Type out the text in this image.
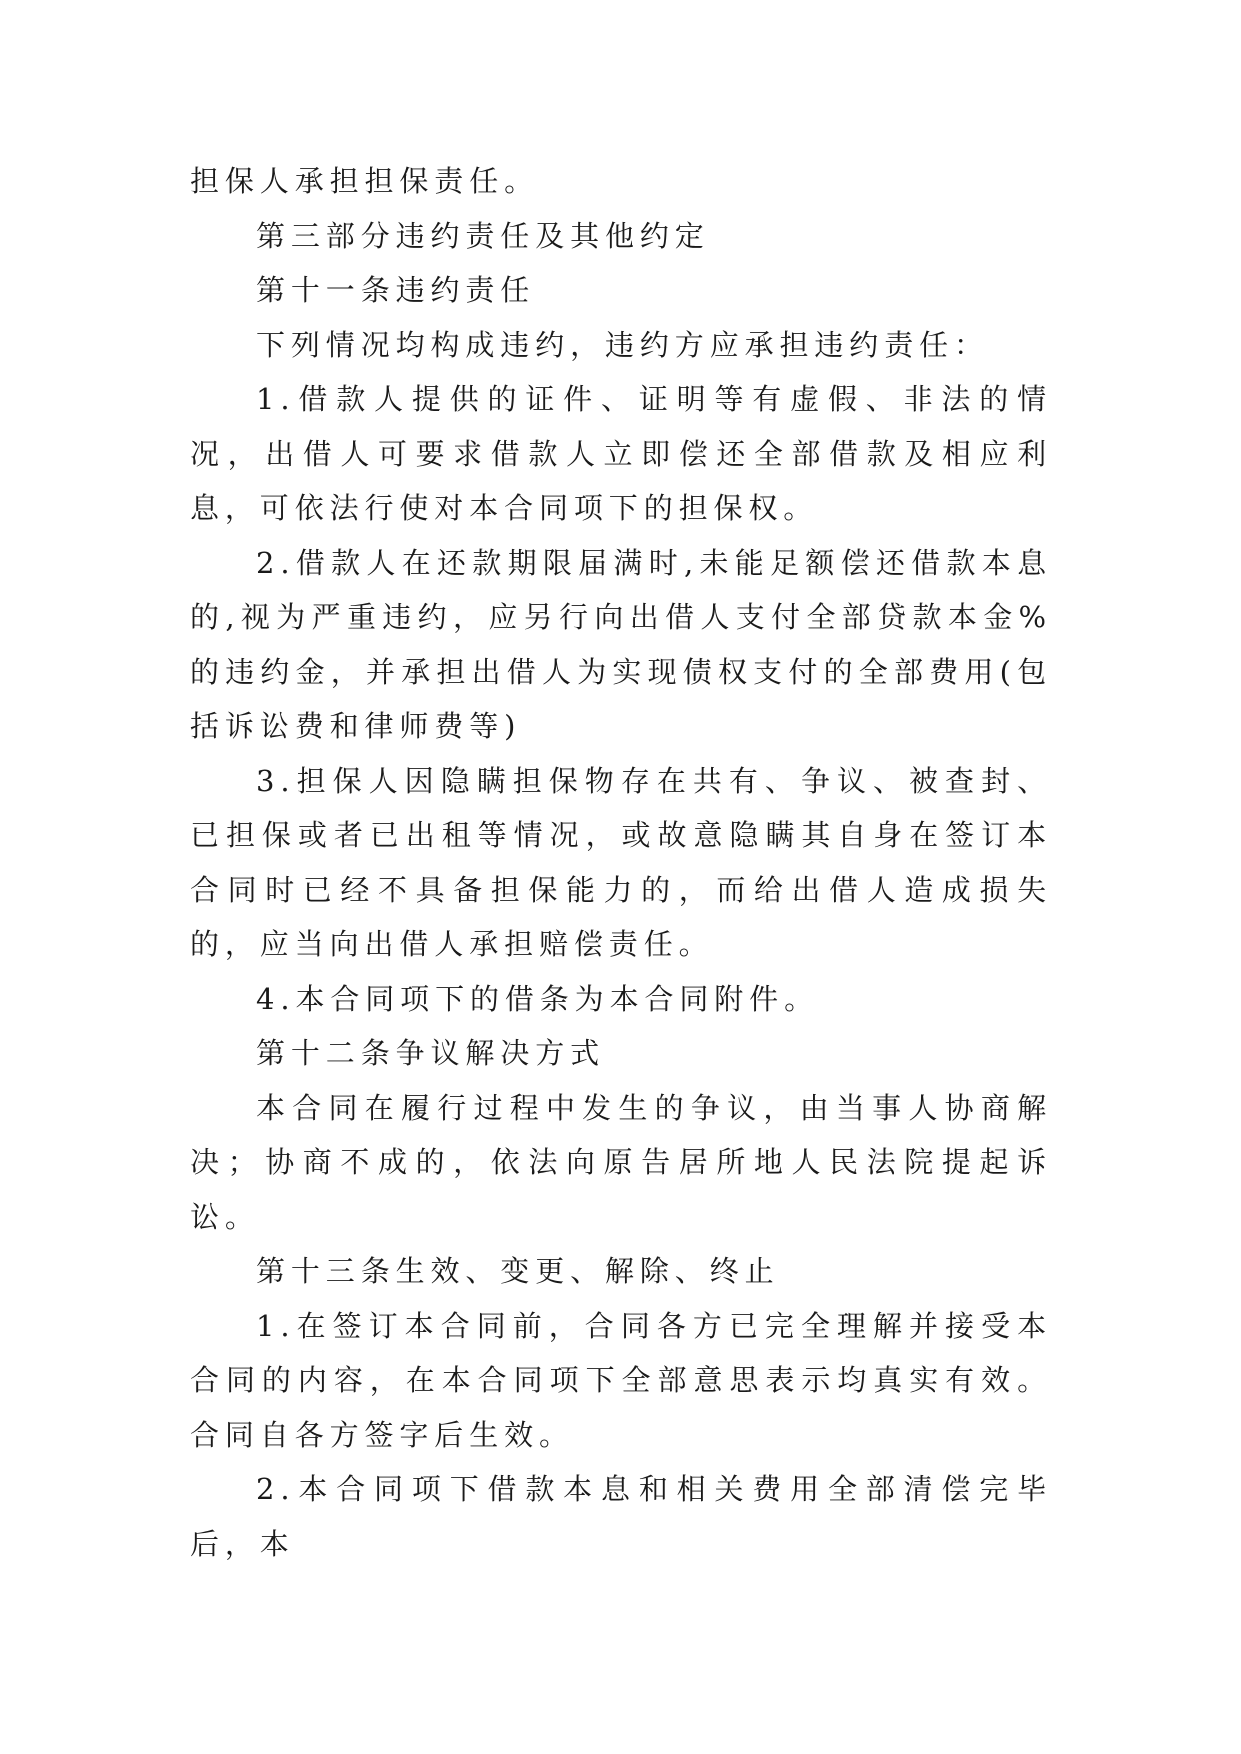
担保人承担担保责任。

第三部分违约责任及其他约定

第十一条违约责任

下列情况均构成违约，违约方应承担违约责任：

1.借款人提供的证件、证明等有虚假、非法的情况，出借人可要求借款人立即偿还全部借款及相应利息，可依法行使对本合同项下的担保权。

2.借款人在还款期限届满时,未能足额偿还借款本息的,视为严重违约，应另行向出借人支付全部贷款本金%的违约金，并承担出借人为实现债权支付的全部费用(包括诉讼费和律师费等)

3.担保人因隐瞒担保物存在共有、争议、被查封、已担保或者已出租等情况，或故意隐瞒其自身在签订本合同时已经不具备担保能力的，而给出借人造成损失的，应当向出借人承担赔偿责任。

4.本合同项下的借条为本合同附件。

第十二条争议解决方式

本合同在履行过程中发生的争议，由当事人协商解决；协商不成的，依法向原告居所地人民法院提起诉讼。

第十三条生效、变更、解除、终止

1.在签订本合同前，合同各方已完全理解并接受本合同的内容，在本合同项下全部意思表示均真实有效。合同自各方签字后生效。

2.本合同项下借款本息和相关费用全部清偿完毕后，本
